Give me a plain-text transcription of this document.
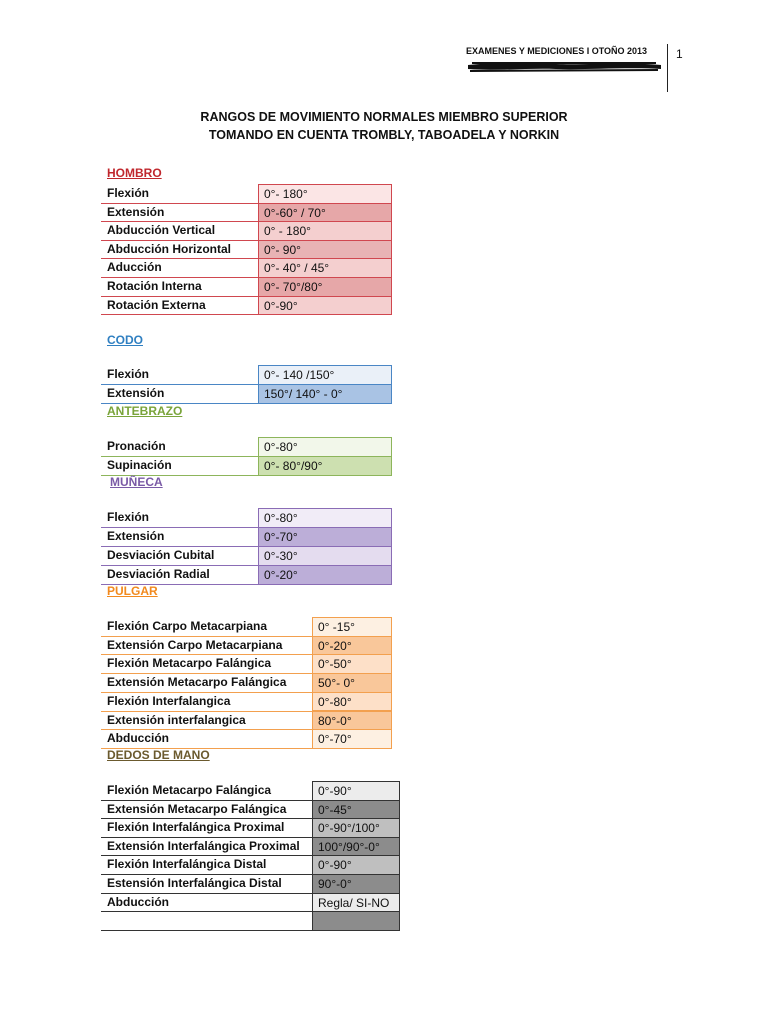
EXAMENES Y MEDICIONES I OTOÑO 2013 1
RANGOS DE MOVIMIENTO NORMALES MIEMBRO SUPERIOR
TOMANDO EN CUENTA TROMBLY, TABOADELA Y NORKIN
HOMBRO
Flexión	0°- 180°
Extensión	0°-60° / 70°
Abducción Vertical	0° - 180°
Abducción Horizontal	0°- 90°
Aducción	0°- 40° / 45°
Rotación Interna	0°- 70°/80°
Rotación Externa	0°-90°
CODO
Flexión	0°- 140 /150°
Extensión	150°/ 140° - 0°
ANTEBRAZO
Pronación	0°-80°
Supinación	0°- 80°/90°
MUÑECA
Flexión	0°-80°
Extensión	0°-70°
Desviación Cubital	0°-30°
Desviación Radial	0°-20°
PULGAR
Flexión Carpo Metacarpiana	0° -15°
Extensión Carpo Metacarpiana	0°-20°
Flexión Metacarpo Falángica	0°-50°
Extensión Metacarpo Falángica	50°- 0°
Flexión Interfalangica	0°-80°
Extensión interfalangica	80°-0°
Abducción	0°-70°
DEDOS DE MANO
Flexión Metacarpo Falángica	0°-90°
Extensión Metacarpo Falángica	0°-45°
Flexión Interfalángica Proximal	0°-90°/100°
Extensión Interfalángica Proximal	100°/90°-0°
Flexión Interfalángica Distal	0°-90°
Estensión Interfalángica Distal	90°-0°
Abducción	Regla/ SI-NO
